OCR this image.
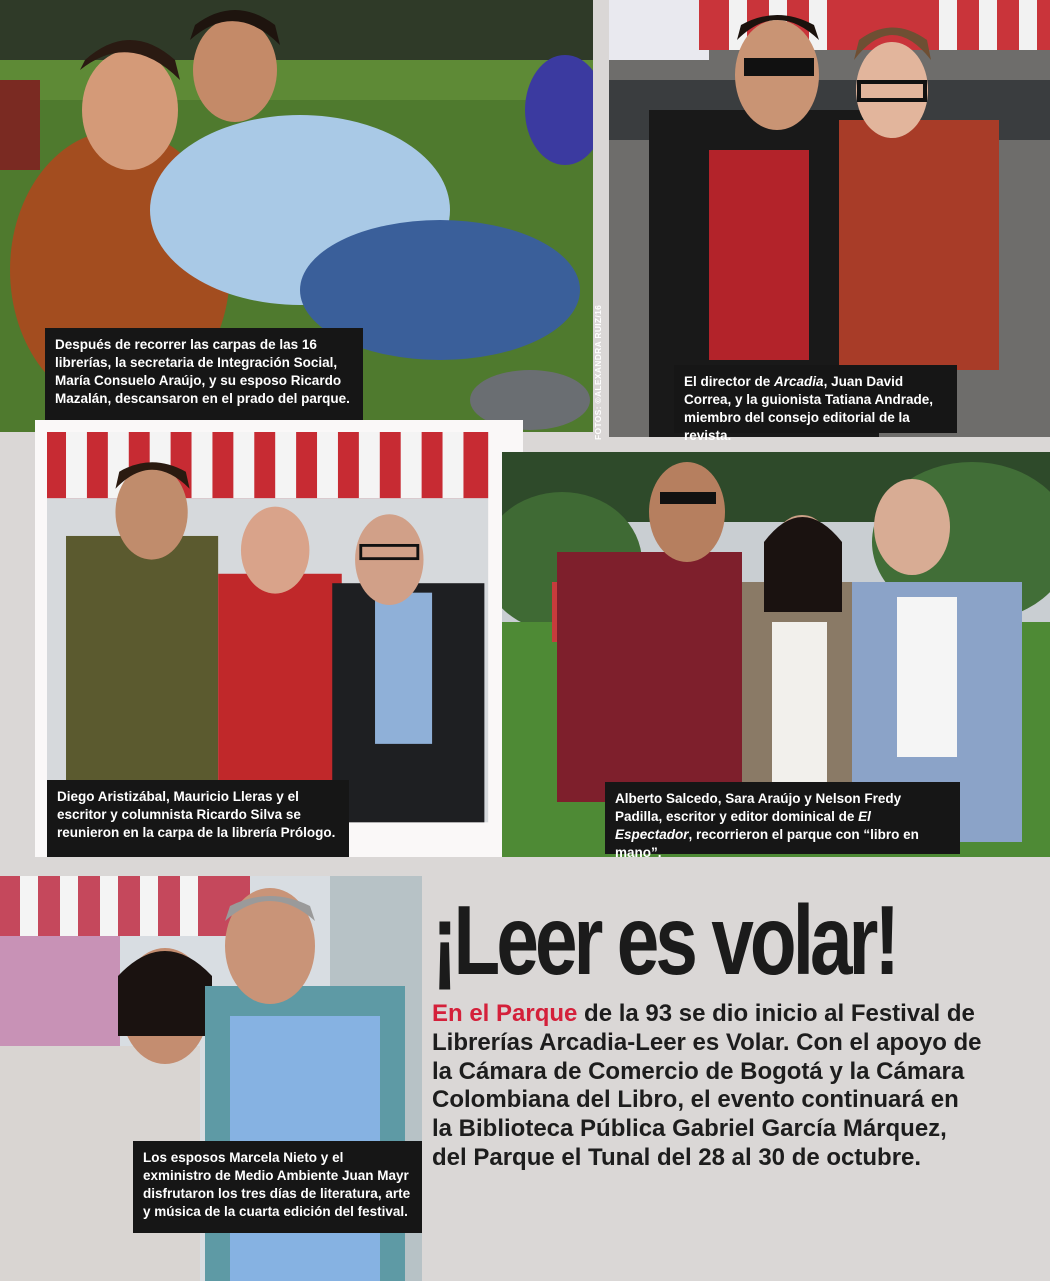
Después de recorrer las carpas de las 16 librerías, la secretaria de Integración Social, María Consuelo Araújo, y su esposo Ricardo Mazalán, descansaron en el prado del parque.
El director de Arcadia, Juan David Correa, y la guionista Tatiana Andrade, miembro del consejo editorial de la revista.
FOTOS: ©ALEXANDRA RUIZ/16
Diego Aristizábal, Mauricio Lleras y el escritor y columnista Ricardo Silva se reunieron en la carpa de la librería Prólogo.
Alberto Salcedo, Sara Araújo y Nelson Fredy Padilla, escritor y editor dominical de El Espectador, recorrieron el parque con “libro en mano”.
Los esposos Marcela Nieto y el exministro de Medio Ambiente Juan Mayr disfrutaron los tres días de literatura, arte y música de la cuarta edición del festival.
¡Leer es volar!

En el Parque de la 93 se dio inicio al Festival de Librerías Arcadia-Leer es Volar. Con el apoyo de la Cámara de Comercio de Bogotá y la Cámara Colombiana del Libro, el evento continuará en la Biblioteca Pública Gabriel García Márquez, del Parque el Tunal del 28 al 30 de octubre.
